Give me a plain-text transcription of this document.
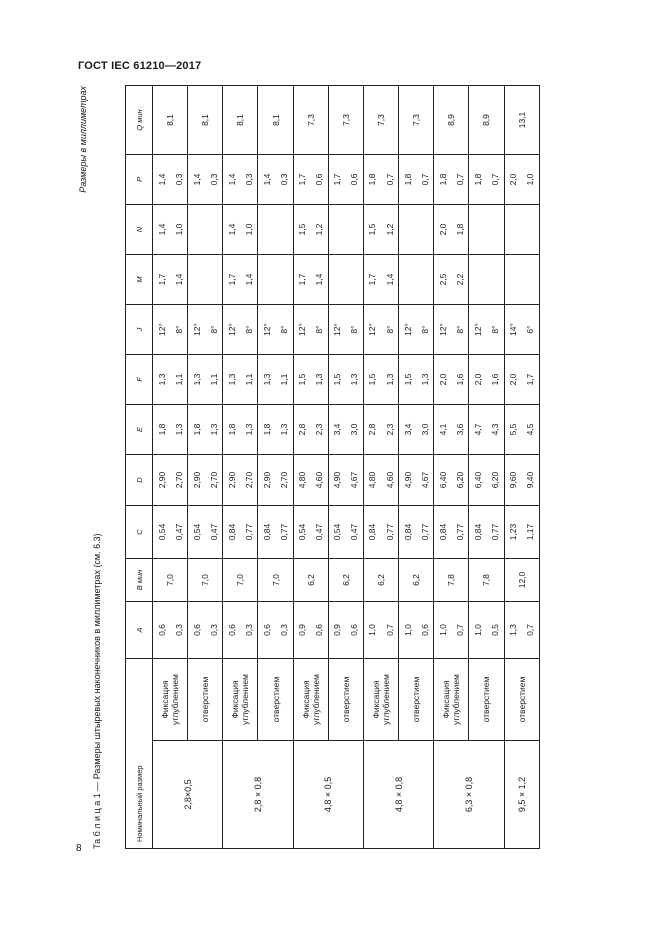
ГОСТ IEC 61210—2017
8
Размеры в миллиметрах
Та б л и ц а 1 — Размеры штыревых наконечников в миллиметрах (см. 6.3)	Номинальный размер		A	B мин	C	D	E	F	J	M	N	P	Q мин
2,8×0,5	Фиксация углублением	0,6	7,0	0,54	2,90	1,8	1,3	12°	1,7	1,4	1,4	8,1
		0,3		0,47	2,70	1,3	1,1	8°	1,4	1,0	0,3	
	отверстием	0,6	7,0	0,54	2,90	1,8	1,3	12°			1,4	8,1
		0,3		0,47	2,70	1,3	1,1	8°			0,3	
2,8 × 0,8	Фиксация углублением	0,6	7,0	0,84	2,90	1,8	1,3	12°	1,7	1,4	1,4	8,1
		0,3		0,77	2,70	1,3	1,1	8°	1,4	1,0	0,3	
	отверстием	0,6	7,0	0,84	2,90	1,8	1,3	12°			1,4	8,1
		0,3		0,77	2,70	1,3	1,1	8°			0,3	
4,8 × 0,5	Фиксация углублением	0,9	6,2	0,54	4,80	2,8	1,5	12°	1,7	1,5	1,7	7,3
		0,6		0,47	4,60	2,3	1,3	8°	1,4	1,2	0,6	
	отверстием	0,9	6,2	0,54	4,90	3,4	1,5	12°			1,7	7,3
		0,6		0,47	4,67	3,0	1,3	8°			0,6	
4,8 × 0,8	Фиксация углублением	1,0	6,2	0,84	4,80	2,8	1,5	12°	1,7	1,5	1,8	7,3
		0,7		0,77	4,60	2,3	1,3	8°	1,4	1,2	0,7	
	отверстием	1,0	6,2	0,84	4,90	3,4	1,5	12°			1,8	7,3
		0,6		0,77	4,67	3,0	1,3	8°			0,7	
6,3 × 0,8	Фиксация углублением	1,0	7,8	0,84	6,40	4,1	2,0	12°	2,5	2,0	1,8	8,9
		0,7		0,77	6,20	3,6	1,6	8°	2,2	1,8	0,7	
	отверстием	1,0	7,8	0,84	6,40	4,7	2,0	12°			1,8	8,9
		0,5		0,77	6,20	4,3	1,6	8°			0,7	
9,5 × 1,2	отверстием	1,3	12,0	1,23	9,60	5,5	2,0	14°			2,0	13,1
		0,7		1,17	9,40	4,5	1,7	6°			1,0	
